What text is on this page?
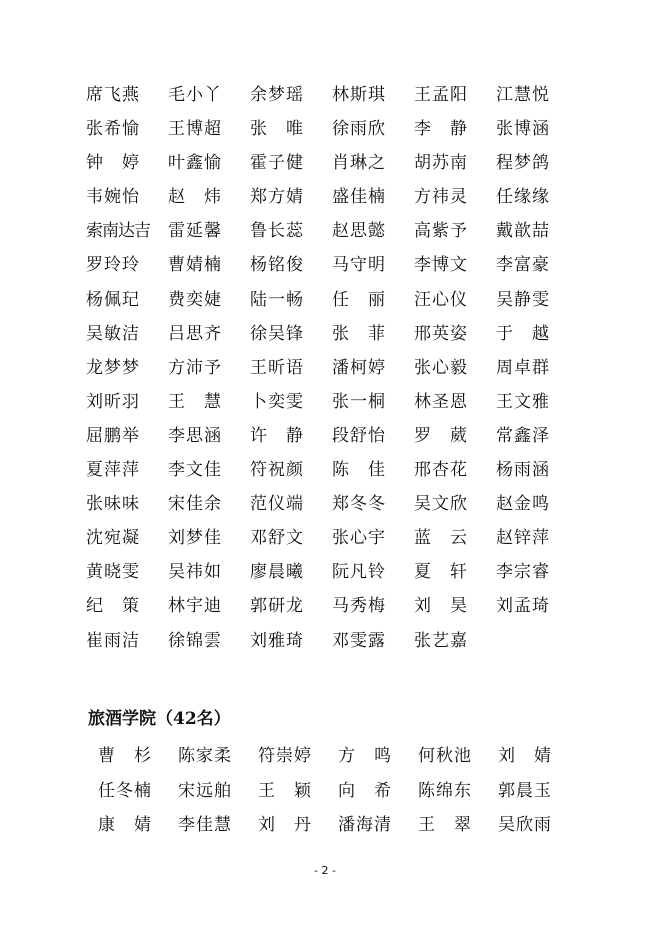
席飞燕	毛小丫	余梦瑶	林斯琪	王孟阳	江慧悦
张希愉	王博超	张　唯	徐雨欣	李　静	张博涵
钟　婷	叶鑫愉	霍子健	肖琳之	胡苏南	程梦鸽
韦婉怡	赵　炜	郑方婧	盛佳楠	方祎灵	任缘缘
索南达吉	雷延馨	鲁长蕊	赵思懿	高紫予	戴歆喆
罗玲玲	曹婧楠	杨铭俊	马守明	李博文	李富豪
杨佩玘	费奕婕	陆一畅	任　丽	汪心仪	吴静雯
吴敏洁	吕思齐	徐吴锋	张　菲	邢英姿	于　越
龙梦梦	方沛予	王昕语	潘柯婷	张心毅	周卓群
刘昕羽	王　慧	卜奕雯	张一桐	林圣恩	王文雅
屈鹏举	李思涵	许　静	段舒怡	罗　葳	常鑫泽
夏萍萍	李文佳	符祝颜	陈　佳	邢杏花	杨雨涵
张味味	宋佳余	范仪端	郑冬冬	吴文欣	赵金鸣
沈宛凝	刘梦佳	邓舒文	张心宇	蓝　云	赵锌萍
黄晓雯	吴祎如	廖晨曦	阮凡铃	夏　轩	李宗睿
纪　策	林宇迪	郭研龙	马秀梅	刘　昊	刘孟琦
崔雨洁	徐锦雲	刘雅琦	邓雯露	张艺嘉
旅酒学院（42名）
曹　杉	陈家柔	符崇婷	方　鸣	何秋池	刘　婧
任冬楠	宋远舶	王　颖	向　希	陈绵东	郭晨玉
康　婧	李佳慧	刘　丹	潘海清	王　翠	吴欣雨
- 2 -
